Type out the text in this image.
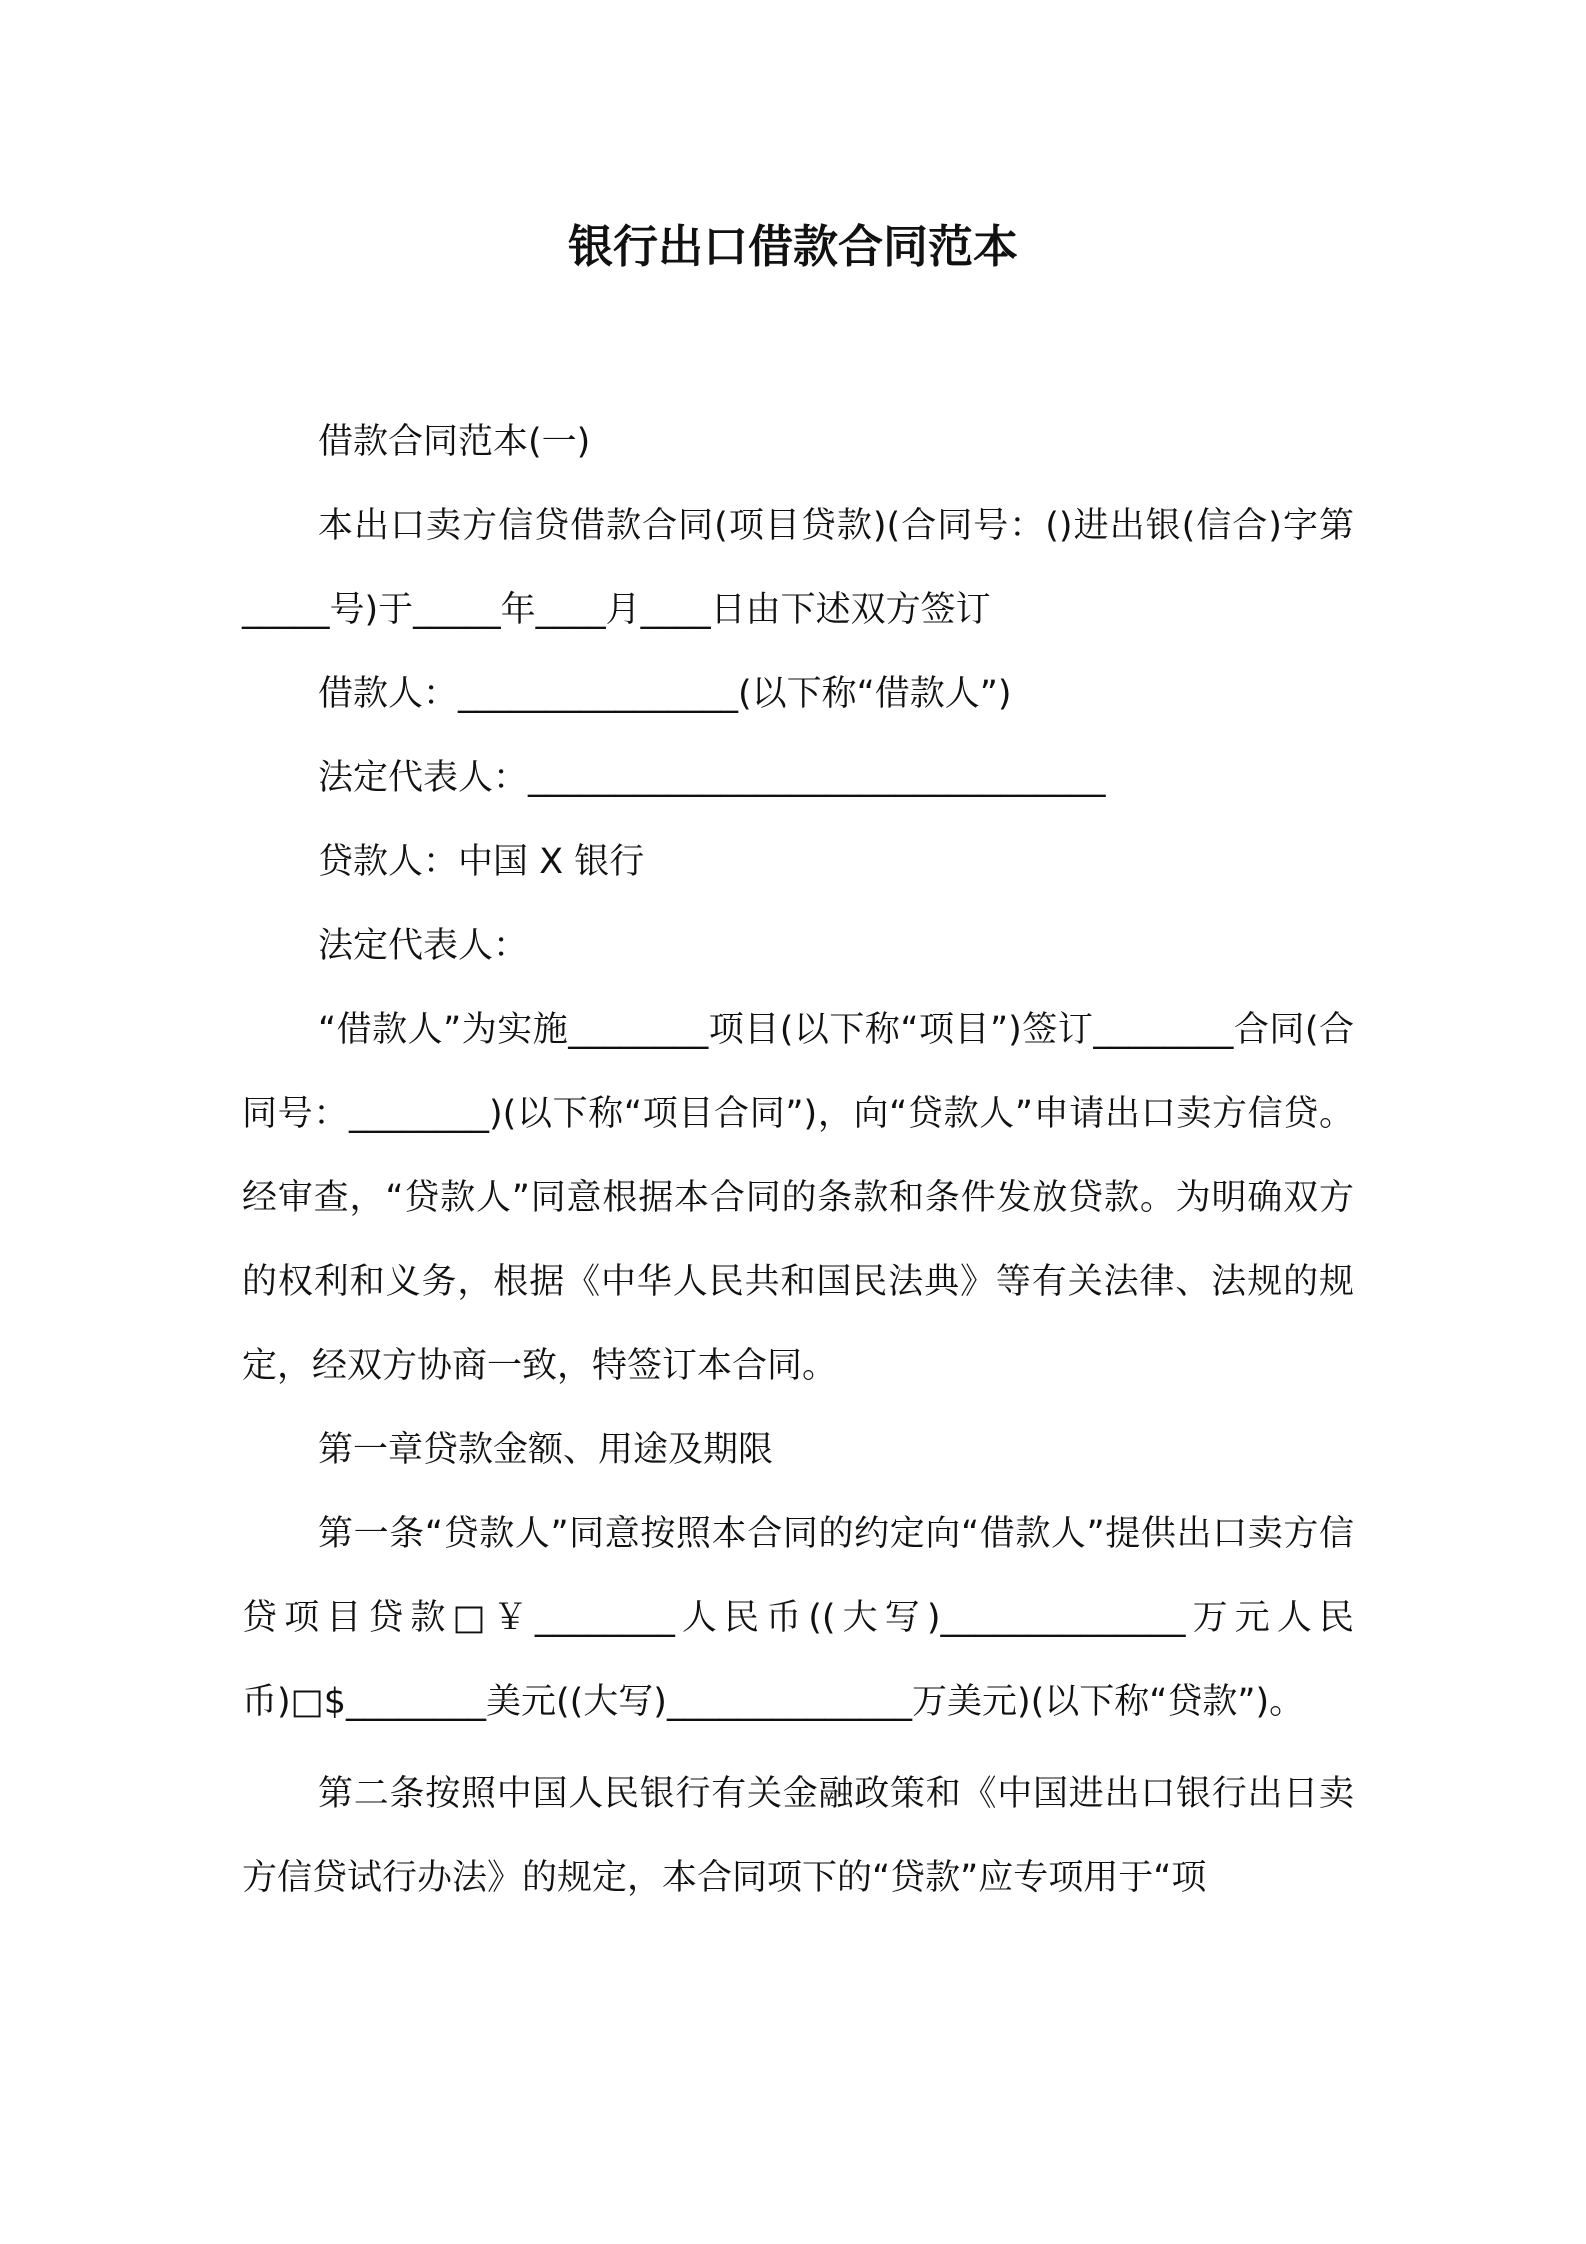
银行出口借款合同范本

借款合同范本(一)

本出口卖方信贷借款合同(项目贷款)(合同号：()进出银(信合)字第_____号)于_____年____月____日由下述双方签订

借款人：________________(以下称“借款人”)

法定代表人：_________________________________

贷款人：中国 X 银行

法定代表人：

“借款人”为实施________项目(以下称“项目”)签订________合同(合同号：________)(以下称“项目合同”)，向“贷款人”申请出口卖方信贷。经审查，“贷款人”同意根据本合同的条款和条件发放贷款。为明确双方的权利和义务，根据《中华人民共和国民法典》等有关法律、法规的规定，经双方协商一致，特签订本合同。

第一章贷款金额、用途及期限

第一条“贷款人”同意按照本合同的约定向“借款人”提供出口卖方信贷项目贷款□￥________人民币((大写)______________万元人民币)□$________美元((大写)______________万美元)(以下称“贷款”)。

第二条按照中国人民银行有关金融政策和《中国进出口银行出日卖方信贷试行办法》的规定，本合同项下的“贷款”应专项用于“项
